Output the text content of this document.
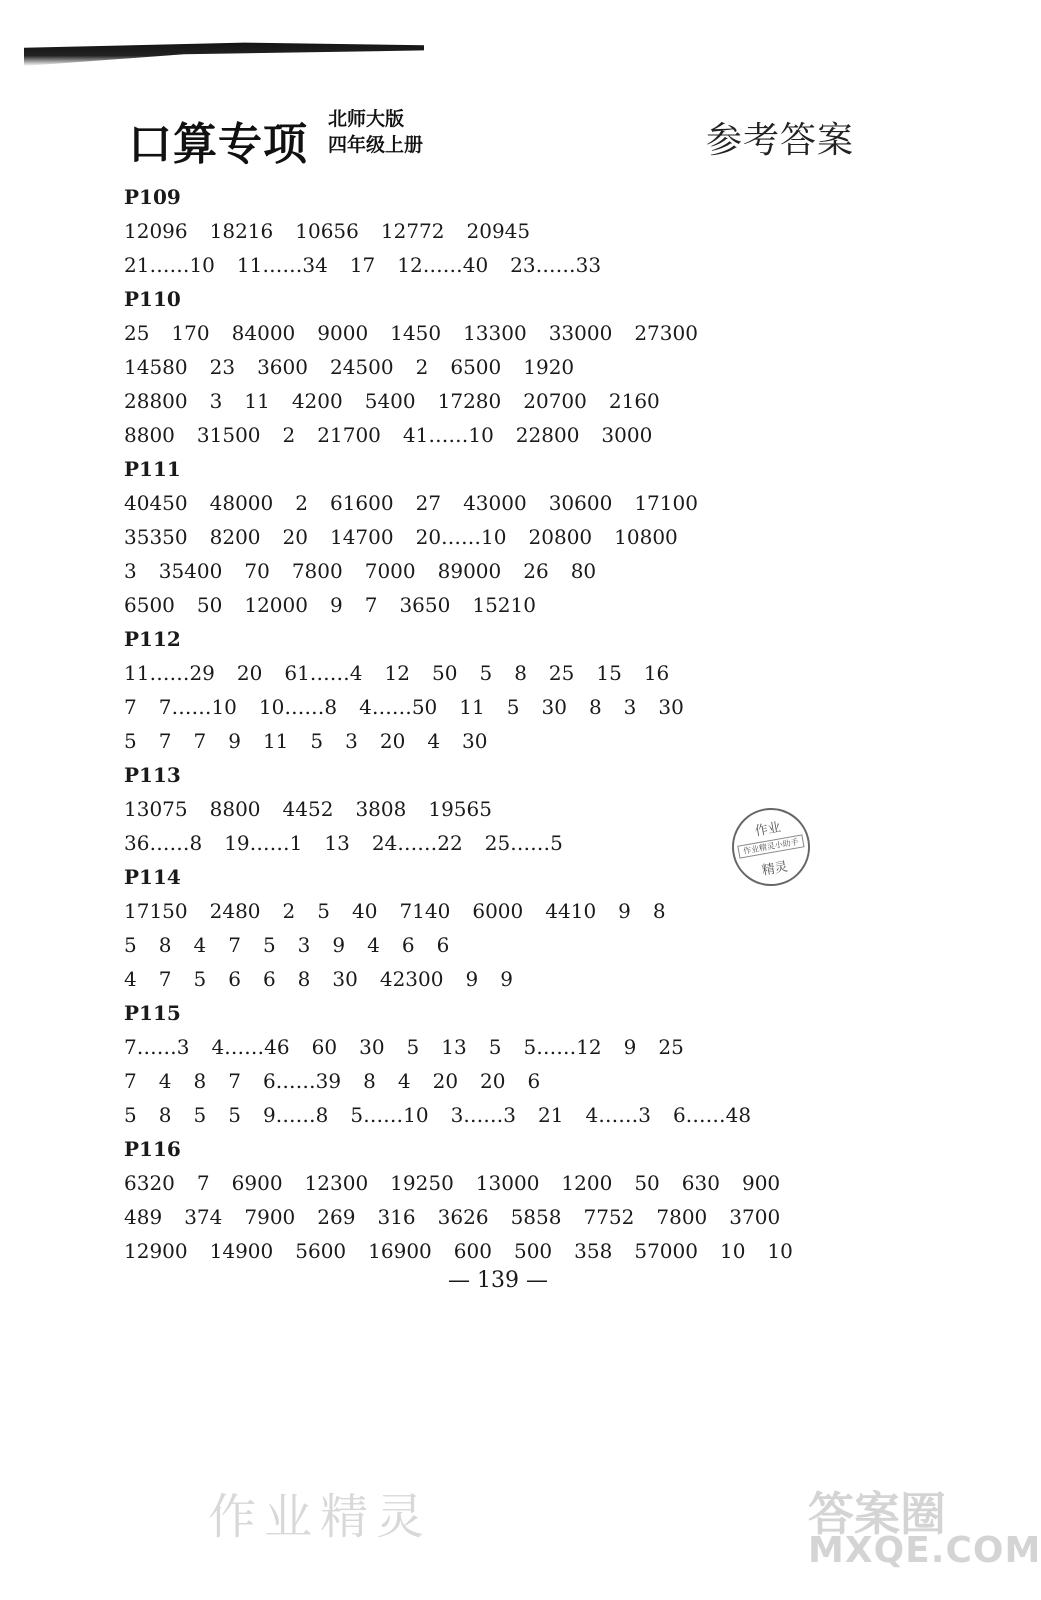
口算专项 北师大版
四年级上册	参考答案
P109
12096 18216 10656 12772 20945
21……10 11……34 17 12……40 23……33
P110
25 170 84000 9000 1450 13300 33000 27300
14580 23 3600 24500 2 6500 1920
28800 3 11 4200 5400 17280 20700 2160
8800 31500 2 21700 41……10 22800 3000
P111
40450 48000 2 61600 27 43000 30600 17100
35350 8200 20 14700 20……10 20800 10800
3 35400 70 7800 7000 89000 26 80
6500 50 12000 9 7 3650 15210
P112
11……29 20 61……4 12 50 5 8 25 15 16
7 7……10 10……8 4……50 11 5 30 8 3 30
5 7 7 9 11 5 3 20 4 30
P113
13075 8800 4452 3808 19565
36……8 19……1 13 24……22 25……5
P114
17150 2480 2 5 40 7140 6000 4410 9 8
5 8 4 7 5 3 9 4 6 6
4 7 5 6 6 8 30 42300 9 9
P115
7……3 4……46 60 30 5 13 5 5……12 9 25
7 4 8 7 6……39 8 4 20 20 6
5 8 5 5 9……8 5……10 3……3 21 4……3 6……48
P116
6320 7 6900 12300 19250 13000 1200 50 630 900
489 374 7900 269 316 3626 5858 7752 7800 3700
12900 14900 5600 16900 600 500 358 57000 10 10
作业
作业精灵小助手
精灵
— 139 —
作业精灵	答案圈
MXQE.COM
